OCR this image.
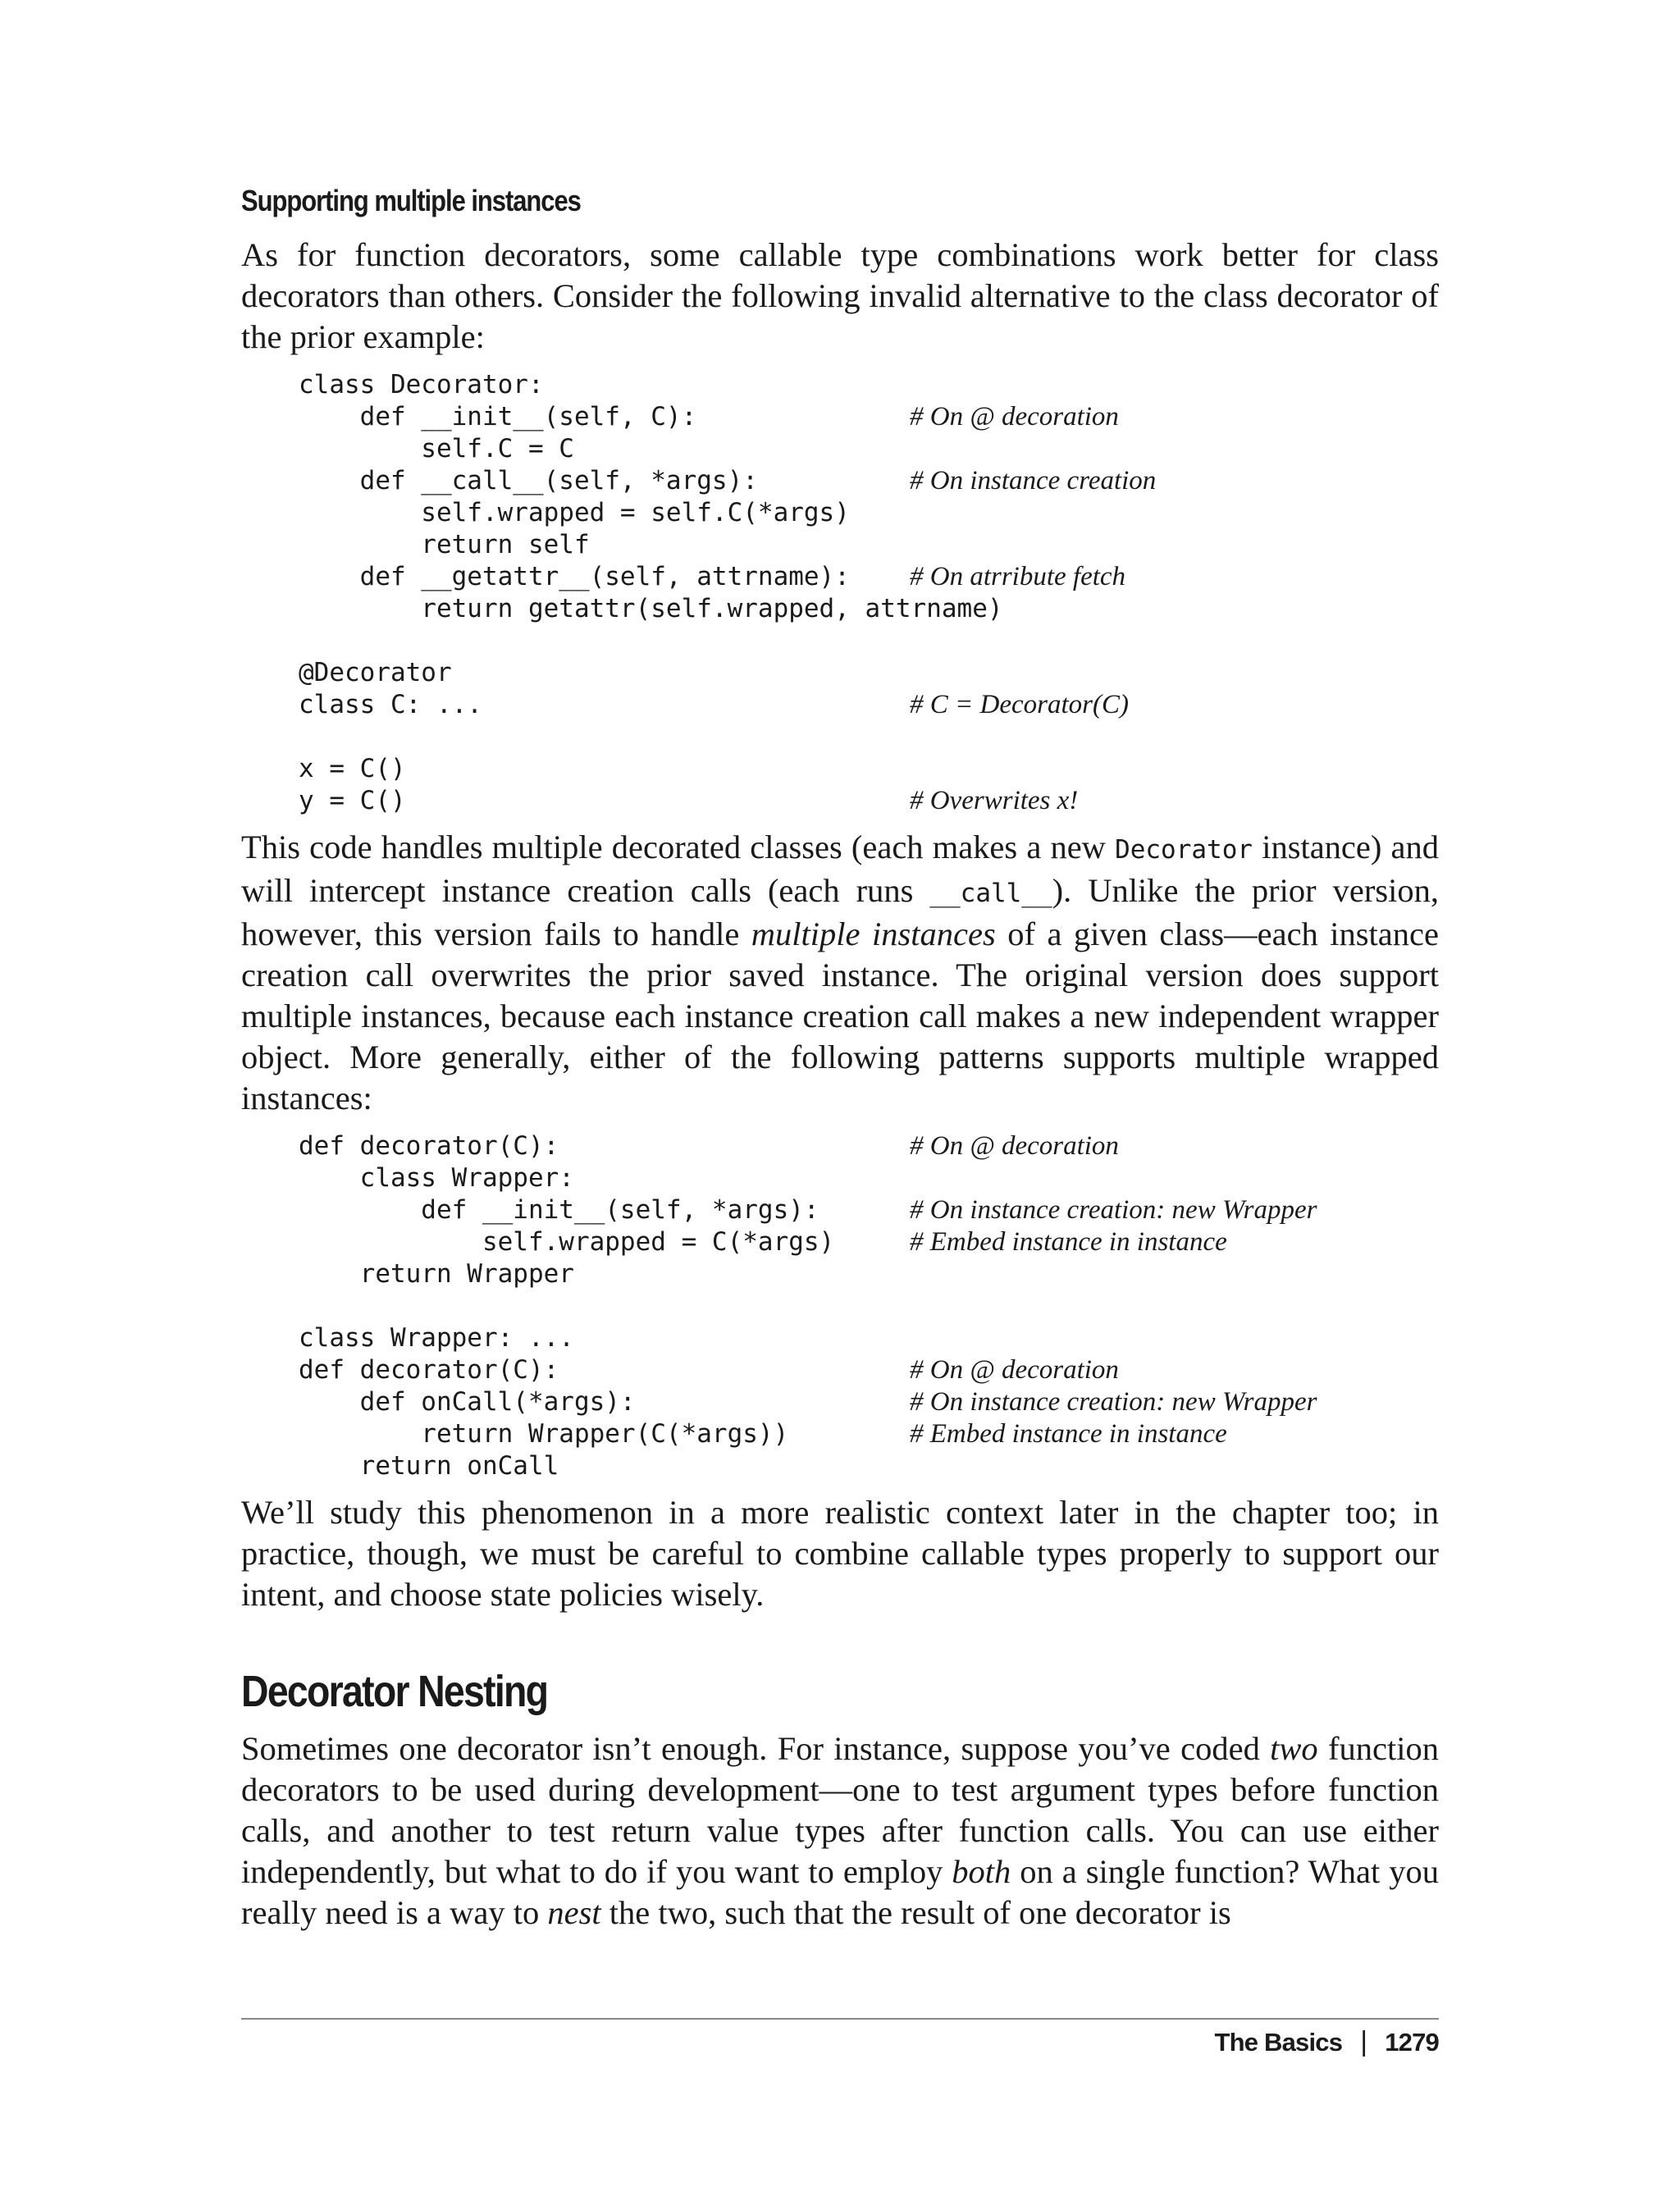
Supporting multiple instances

As for function decorators, some callable type combinations work better for class decorators than others. Consider the following invalid alternative to the class decorator of the prior example:

class Decorator:
def __init__(self, C):	# On @ decoration
self.C = C
def __call__(self, *args):	# On instance creation
self.wrapped = self.C(*args)
return self
def __getattr__(self, attrname):	# On atrribute fetch
return getattr(self.wrapped, attrname)
@Decorator
class C: ...	# C = Decorator(C)
x = C()
y = C()	# Overwrites x!

This code handles multiple decorated classes (each makes a new Decorator instance) and will intercept instance creation calls (each runs __call__). Unlike the prior version, however, this version fails to handle multiple instances of a given class—each instance creation call overwrites the prior saved instance. The original version does support multiple instances, because each instance creation call makes a new independent wrapper object. More generally, either of the following patterns supports multiple wrapped instances:

def decorator(C):	# On @ decoration
class Wrapper:
def __init__(self, *args):	# On instance creation: new Wrapper
self.wrapped = C(*args)	# Embed instance in instance
return Wrapper
class Wrapper: ...
def decorator(C):	# On @ decoration
def onCall(*args):	# On instance creation: new Wrapper
return Wrapper(C(*args))	# Embed instance in instance
return onCall

We’ll study this phenomenon in a more realistic context later in the chapter too; in practice, though, we must be careful to combine callable types properly to support our intent, and choose state policies wisely.

Decorator Nesting

Sometimes one decorator isn’t enough. For instance, suppose you’ve coded two function decorators to be used during development—one to test argument types before function calls, and another to test return value types after function calls. You can use either independently, but what to do if you want to employ both on a single function? What you really need is a way to nest the two, such that the result of one decorator is

The Basics | 1279
